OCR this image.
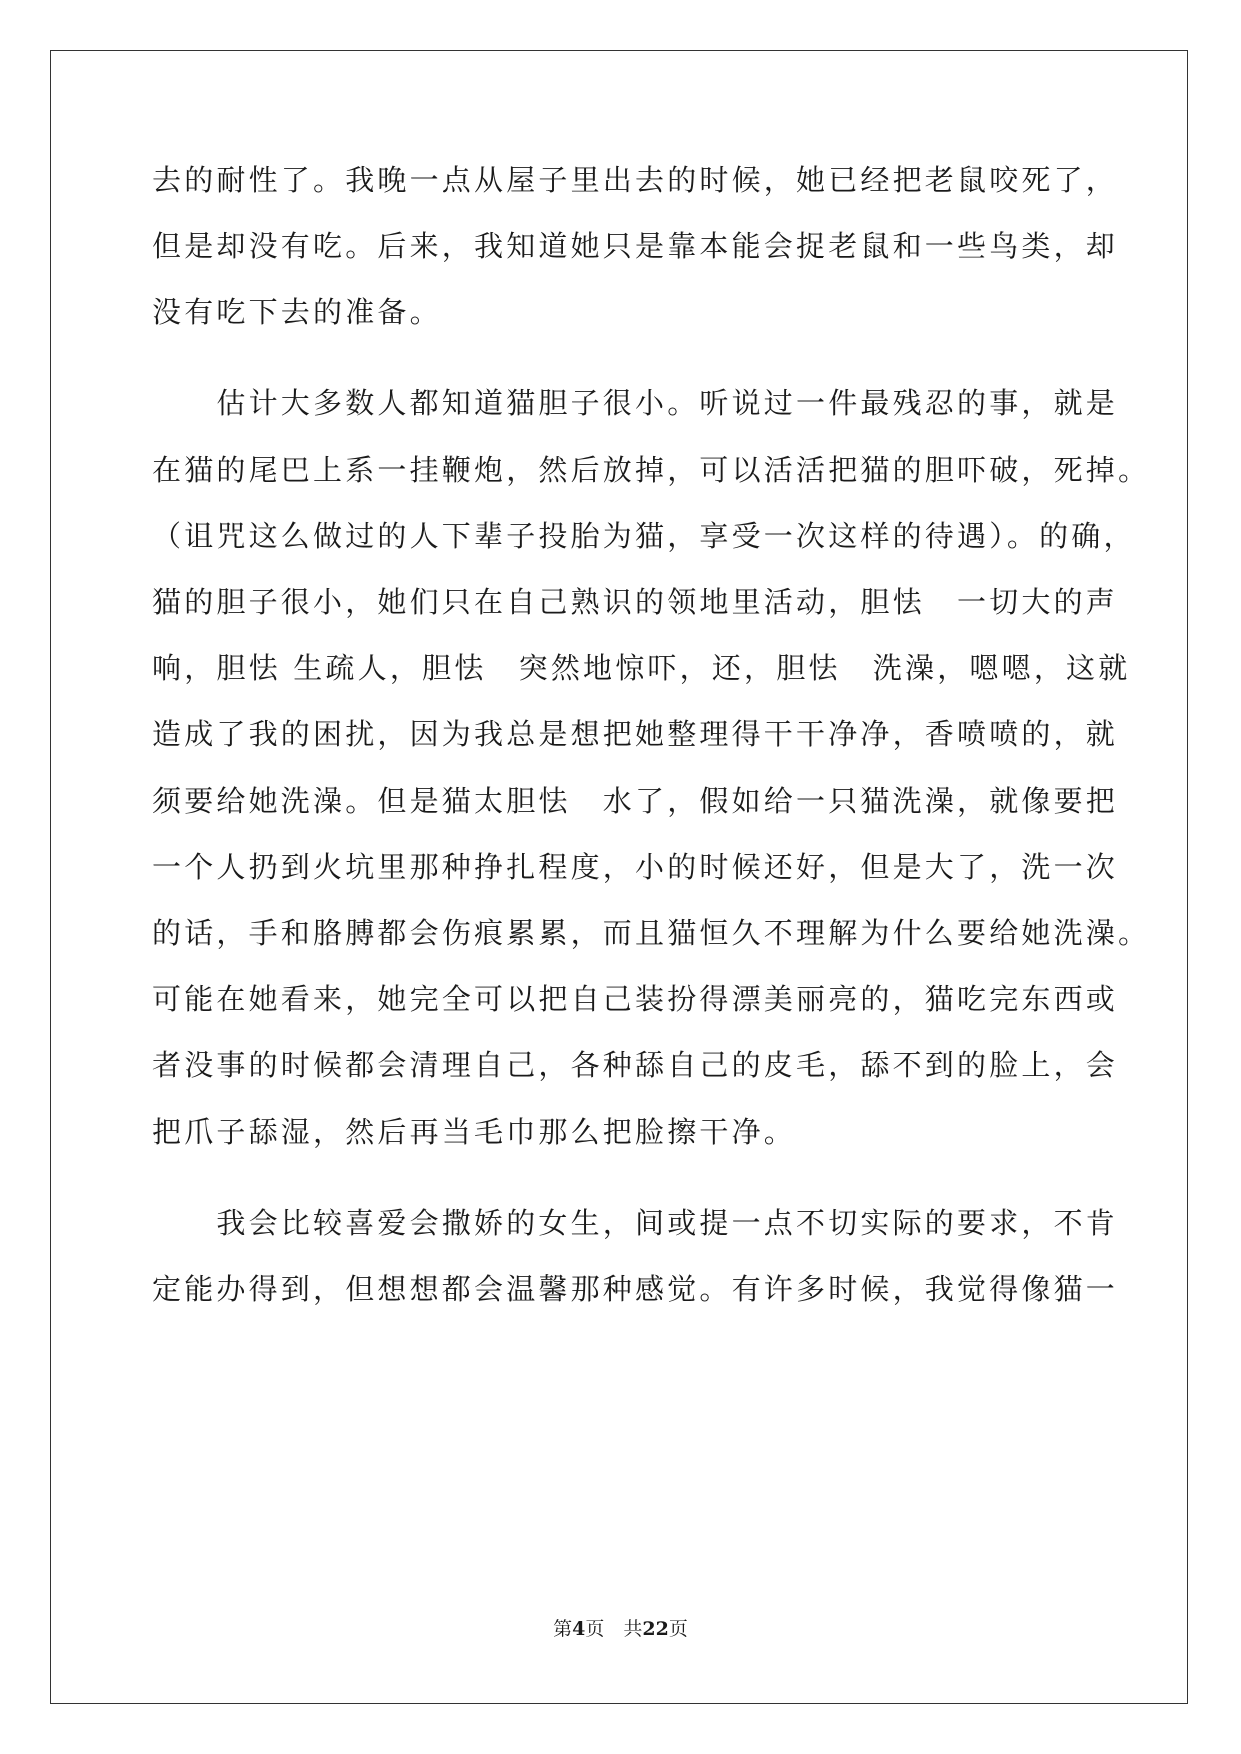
去的耐性了。我晚一点从屋子里出去的时候，她已经把老鼠咬死了，
但是却没有吃。后来，我知道她只是靠本能会捉老鼠和一些鸟类，却
没有吃下去的准备。
　　估计大多数人都知道猫胆子很小。听说过一件最残忍的事，就是
在猫的尾巴上系一挂鞭炮，然后放掉，可以活活把猫的胆吓破，死掉。
（诅咒这么做过的人下辈子投胎为猫，享受一次这样的待遇）。的确，
猫的胆子很小，她们只在自己熟识的领地里活动，胆怯　一切大的声
响，胆怯 生疏人，胆怯　突然地惊吓，还，胆怯　洗澡，嗯嗯，这就
造成了我的困扰，因为我总是想把她整理得干干净净，香喷喷的，就
须要给她洗澡。但是猫太胆怯　水了，假如给一只猫洗澡，就像要把
一个人扔到火坑里那种挣扎程度，小的时候还好，但是大了，洗一次
的话，手和胳膊都会伤痕累累，而且猫恒久不理解为什么要给她洗澡。
可能在她看来，她完全可以把自己装扮得漂美丽亮的，猫吃完东西或
者没事的时候都会清理自己，各种舔自己的皮毛，舔不到的脸上，会
把爪子舔湿，然后再当毛巾那么把脸擦干净。
　　我会比较喜爱会撒娇的女生，间或提一点不切实际的要求，不肯
定能办得到，但想想都会温馨那种感觉。有许多时候，我觉得像猫一
第4页　共22页
